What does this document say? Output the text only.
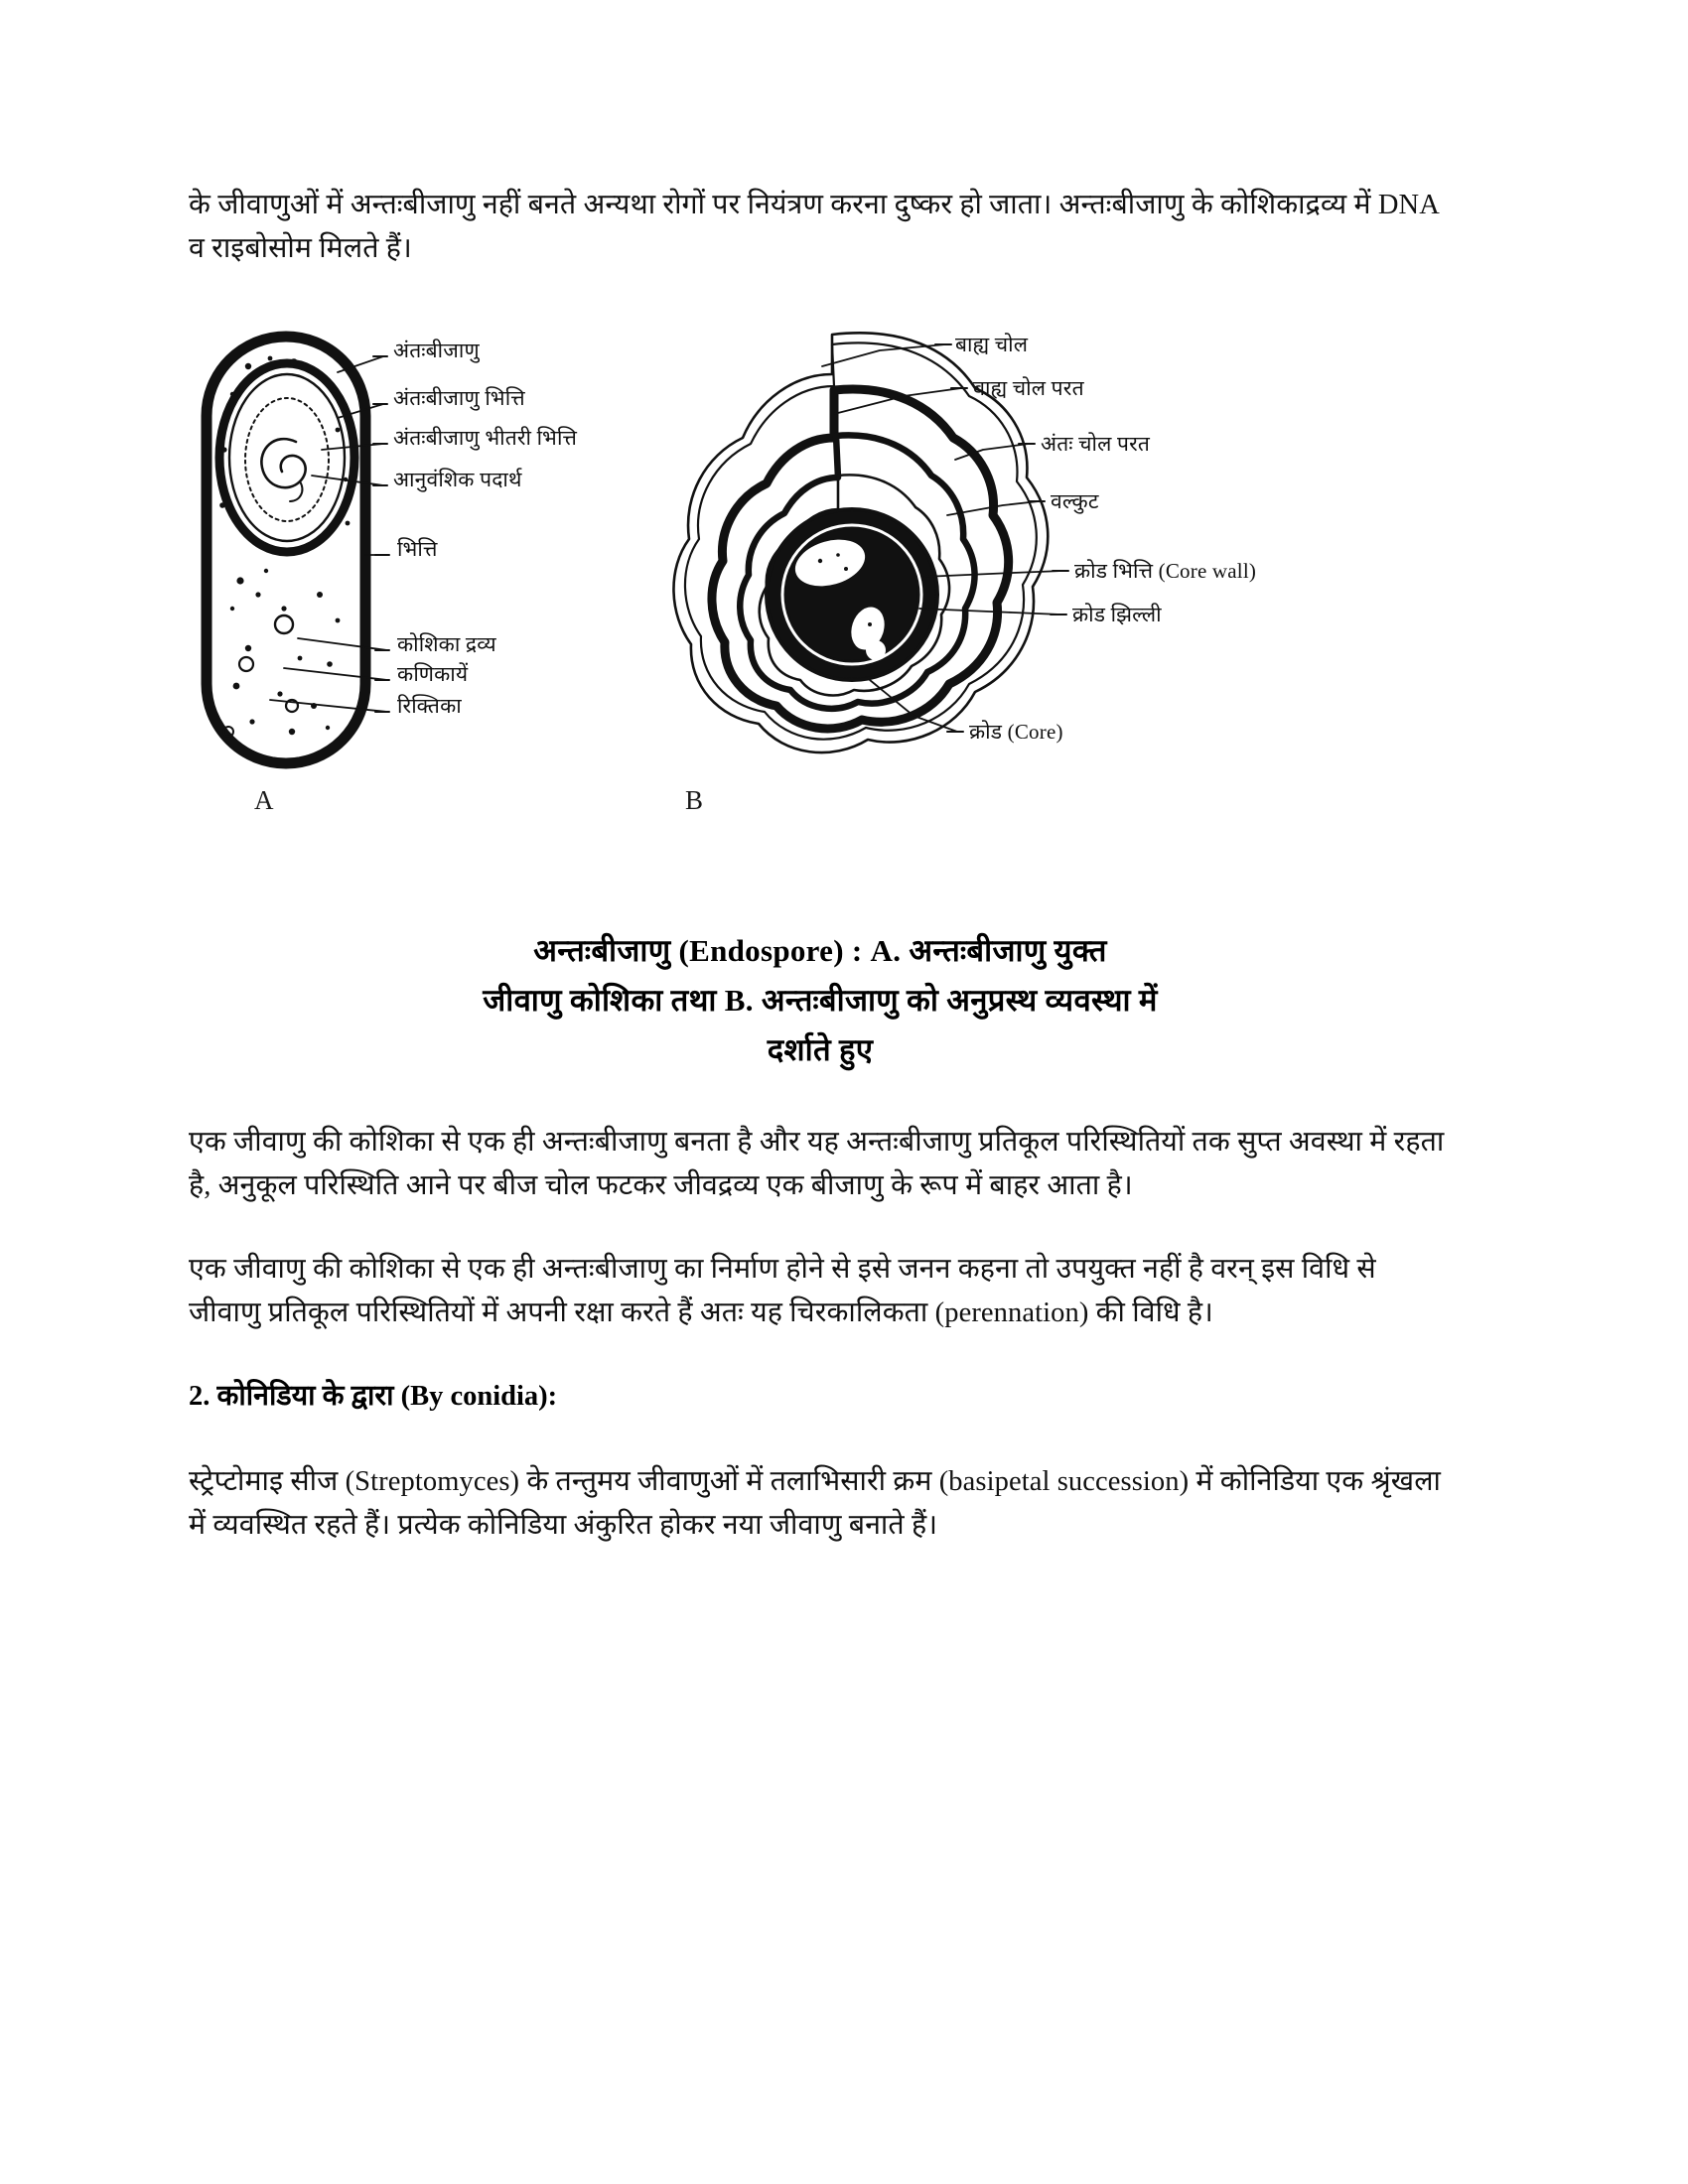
के जीवाणुओं में अन्तःबीजाणु नहीं बनते अन्यथा रोगों पर नियंत्रण करना दुष्कर हो जाता। अन्तःबीजाणु के कोशिकाद्रव्य में DNA व राइबोसोम मिलते हैं।

अंतःबीजाणु
अंतःबीजाणु भित्ति
अंतःबीजाणु भीतरी भित्ति
आनुवंशिक पदार्थ
भित्ति
कोशिका द्रव्य
कणिकायें
रिक्तिका
A
बाह्य चोल
बाह्य चोल परत
अंतः चोल परत
वल्कुट
क्रोड भित्ति (Core wall)
क्रोड झिल्ली
क्रोड (Core)
B
अन्तःबीजाणु (Endospore) : A. अन्तःबीजाणु युक्त
जीवाणु कोशिका तथा B. अन्तःबीजाणु को अनुप्रस्थ व्यवस्था में
दर्शाते हुए

एक जीवाणु की कोशिका से एक ही अन्तःबीजाणु बनता है और यह अन्तःबीजाणु प्रतिकूल परिस्थितियों तक सुप्त अवस्था में रहता है, अनुकूल परिस्थिति आने पर बीज चोल फटकर जीवद्रव्य एक बीजाणु के रूप में बाहर आता है।

एक जीवाणु की कोशिका से एक ही अन्तःबीजाणु का निर्माण होने से इसे जनन कहना तो उपयुक्त नहीं है वरन् इस विधि से जीवाणु प्रतिकूल परिस्थितियों में अपनी रक्षा करते हैं अतः यह चिरकालिकता (perennation) की विधि है।

2. कोनिडिया के द्वारा (By conidia):

स्ट्रेप्टोमाइ सीज (Streptomyces) के तन्तुमय जीवाणुओं में तलाभिसारी क्रम (basipetal succession) में कोनिडिया एक श्रृंखला में व्यवस्थित रहते हैं। प्रत्येक कोनिडिया अंकुरित होकर नया जीवाणु बनाते हैं।
